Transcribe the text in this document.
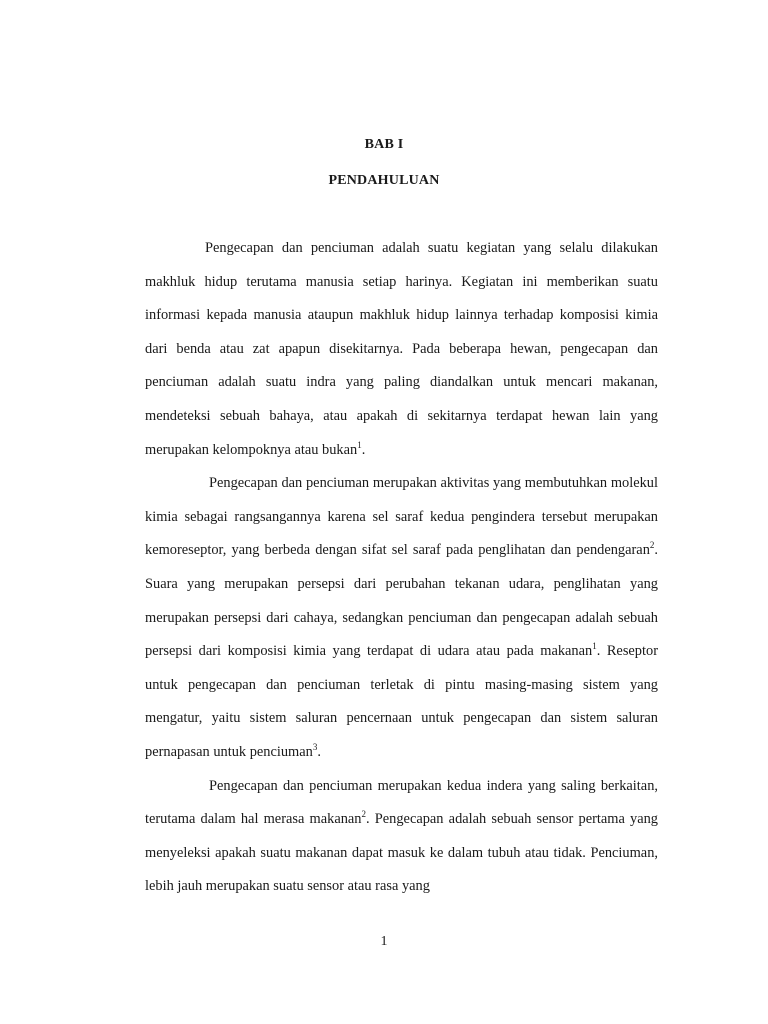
BAB I
PENDAHULUAN

Pengecapan dan penciuman adalah suatu kegiatan yang selalu dilakukan makhluk hidup terutama manusia setiap harinya. Kegiatan ini memberikan suatu informasi kepada manusia ataupun makhluk hidup lainnya terhadap komposisi kimia dari benda atau zat apapun disekitarnya. Pada beberapa hewan, pengecapan dan penciuman adalah suatu indra yang paling diandalkan untuk mencari makanan, mendeteksi sebuah bahaya, atau apakah di sekitarnya terdapat hewan lain yang merupakan kelompoknya atau bukan$^1$.

Pengecapan dan penciuman merupakan aktivitas yang membutuhkan molekul kimia sebagai rangsangannya karena sel saraf kedua pengindera tersebut merupakan kemoreseptor, yang berbeda dengan sifat sel saraf pada penglihatan dan pendengaran$^2$. Suara yang merupakan persepsi dari perubahan tekanan udara, penglihatan yang merupakan persepsi dari cahaya, sedangkan penciuman dan pengecapan adalah sebuah persepsi dari komposisi kimia yang terdapat di udara atau pada makanan$^1$. Reseptor untuk pengecapan dan penciuman terletak di pintu masing-masing sistem yang mengatur, yaitu sistem saluran pencernaan untuk pengecapan dan sistem saluran pernapasan untuk penciuman$^3$.

Pengecapan dan penciuman merupakan kedua indera yang saling berkaitan, terutama dalam hal merasa makanan$^2$. Pengecapan adalah sebuah sensor pertama yang menyeleksi apakah suatu makanan dapat masuk ke dalam tubuh atau tidak. Penciuman, lebih jauh merupakan suatu sensor atau rasa yang

1
